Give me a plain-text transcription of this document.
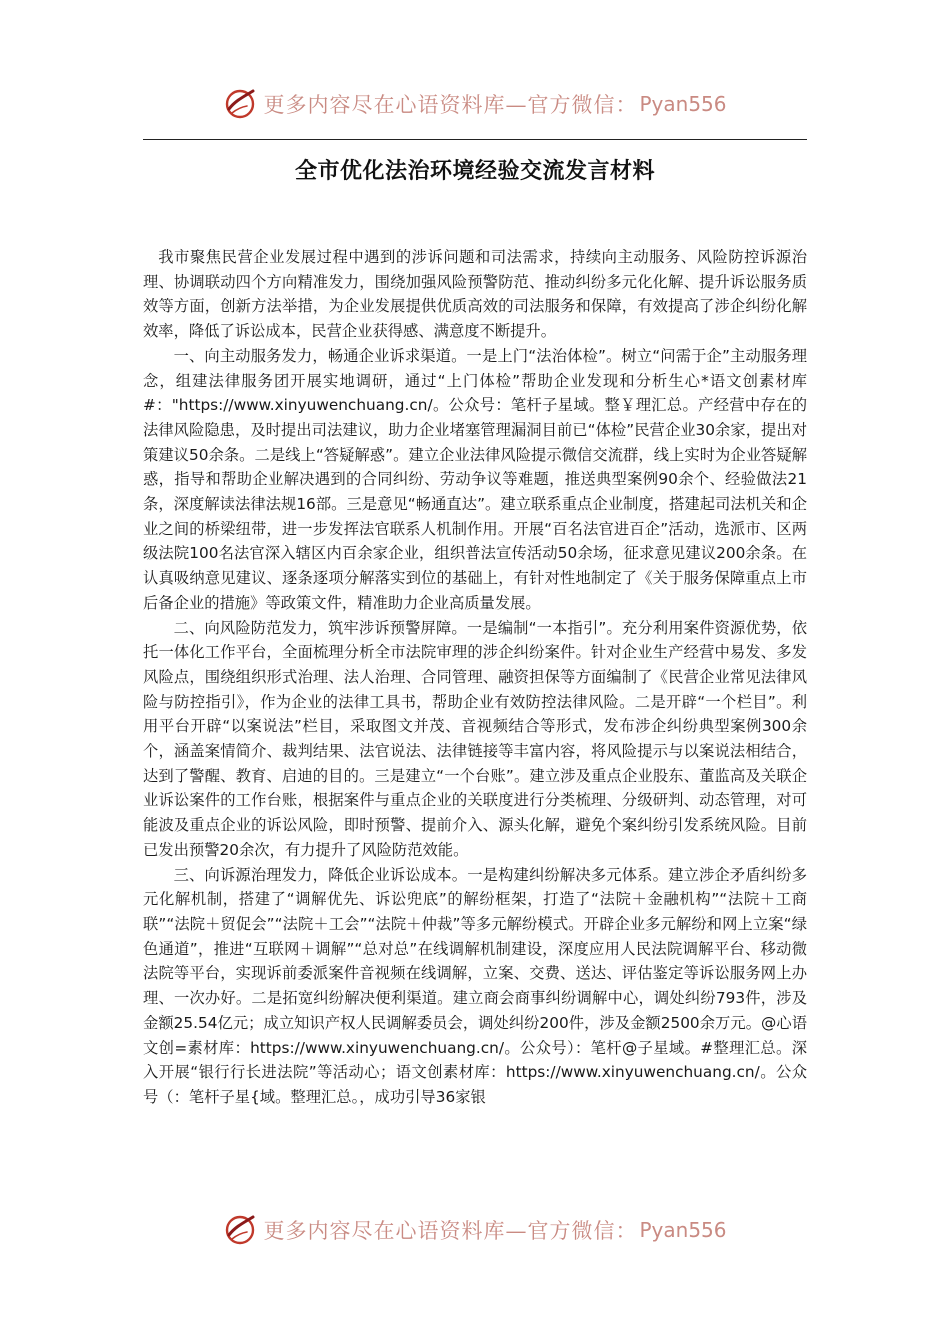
更多内容尽在心语资料库—官方微信： Pyan556
全市优化法治环境经验交流发言材料

我市聚焦民营企业发展过程中遇到的涉诉问题和司法需求，持续向主动服务、风险防控诉源治理、协调联动四个方向精准发力，围绕加强风险预警防范、推动纠纷多元化化解、提升诉讼服务质效等方面，创新方法举措，为企业发展提供优质高效的司法服务和保障，有效提高了涉企纠纷化解效率，降低了诉讼成本，民营企业获得感、满意度不断提升。

一、向主动服务发力，畅通企业诉求渠道。一是上门“法治体检”。树立“问需于企”主动服务理念，组建法律服务团开展实地调研，通过“上门体检”帮助企业发现和分析生心*语文创素材库#："https://www.xinyuwenchuang.cn/。公众号：笔杆子星域。整￥理汇总。产经营中存在的法律风险隐患，及时提出司法建议，助力企业堵塞管理漏洞目前已“体检”民营企业30余家，提出对策建议50余条。二是线上“答疑解惑”。建立企业法律风险提示微信交流群，线上实时为企业答疑解惑，指导和帮助企业解决遇到的合同纠纷、劳动争议等难题，推送典型案例90余个、经验做法21条，深度解读法律法规16部。三是意见“畅通直达”。建立联系重点企业制度，搭建起司法机关和企业之间的桥梁纽带，进一步发挥法官联系人机制作用。开展“百名法官进百企”活动，选派市、区两级法院100名法官深入辖区内百余家企业，组织普法宣传活动50余场，征求意见建议200余条。在认真吸纳意见建议、逐条逐项分解落实到位的基础上，有针对性地制定了《关于服务保障重点上市后备企业的措施》等政策文件，精准助力企业高质量发展。

二、向风险防范发力，筑牢涉诉预警屏障。一是编制“一本指引”。充分利用案件资源优势，依托一体化工作平台，全面梳理分析全市法院审理的涉企纠纷案件。针对企业生产经营中易发、多发风险点，围绕组织形式治理、法人治理、合同管理、融资担保等方面编制了《民营企业常见法律风险与防控指引》，作为企业的法律工具书，帮助企业有效防控法律风险。二是开辟“一个栏目”。利用平台开辟“以案说法”栏目，采取图文并茂、音视频结合等形式，发布涉企纠纷典型案例300余个，涵盖案情简介、裁判结果、法官说法、法律链接等丰富内容，将风险提示与以案说法相结合，达到了警醒、教育、启迪的目的。三是建立“一个台账”。建立涉及重点企业股东、董监高及关联企业诉讼案件的工作台账，根据案件与重点企业的关联度进行分类梳理、分级研判、动态管理，对可能波及重点企业的诉讼风险，即时预警、提前介入、源头化解，避免个案纠纷引发系统风险。目前已发出预警20余次，有力提升了风险防范效能。

三、向诉源治理发力，降低企业诉讼成本。一是构建纠纷解决多元体系。建立涉企矛盾纠纷多元化解机制，搭建了“调解优先、诉讼兜底”的解纷框架，打造了“法院＋金融机构”“法院＋工商联”“法院＋贸促会”“法院＋工会”“法院＋仲裁”等多元解纷模式。开辟企业多元解纷和网上立案“绿色通道”，推进“互联网＋调解”“总对总”在线调解机制建设，深度应用人民法院调解平台、移动微法院等平台，实现诉前委派案件音视频在线调解，立案、交费、送达、评估鉴定等诉讼服务网上办理、一次办好。二是拓宽纠纷解决便利渠道。建立商会商事纠纷调解中心，调处纠纷793件，涉及金额25.54亿元；成立知识产权人民调解委员会，调处纠纷200件，涉及金额2500余万元。@心语文创=素材库：https://www.xinyuwenchuang.cn/。公众号）：笔杆@子星域。#整理汇总。深入开展“银行行长进法院”等活动心；语文创素材库：https://www.xinyuwenchuang.cn/。公众号（：笔杆子星{域。整理汇总。，成功引导36家银

更多内容尽在心语资料库—官方微信： Pyan556
